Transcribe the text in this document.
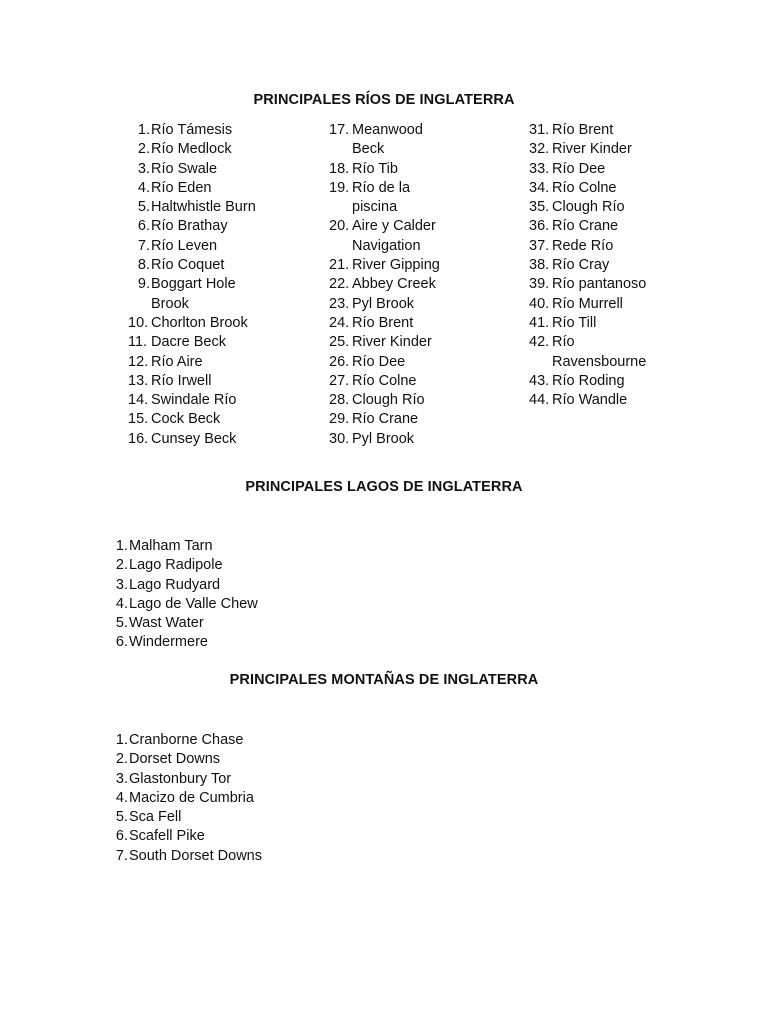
PRINCIPALES RÍOS DE INGLATERRA
1. Río Támesis
2. Río Medlock
3. Río Swale
4. Río Eden
5. Haltwhistle Burn
6. Río Brathay
7. Río Leven
8. Río Coquet
9. Boggart Hole Brook
10. Chorlton Brook
11. Dacre Beck
12. Río Aire
13. Río Irwell
14. Swindale Río
15. Cock Beck
16. Cunsey Beck
17. Meanwood Beck
18. Río Tib
19. Río de la piscina
20. Aire y Calder Navigation
21. River Gipping
22. Abbey Creek
23. Pyl Brook
24. Río Brent
25. River Kinder
26. Río Dee
27. Río Colne
28. Clough Río
29. Río Crane
30. Pyl Brook
31. Río Brent
32. River Kinder
33. Río Dee
34. Río Colne
35. Clough Río
36. Río Crane
37. Rede Río
38. Río Cray
39. Río pantanoso
40. Río Murrell
41. Río Till
42. Río Ravensbourne
43. Río Roding
44. Río Wandle
PRINCIPALES LAGOS DE INGLATERRA
1. Malham Tarn
2. Lago Radipole
3. Lago Rudyard
4. Lago de Valle Chew
5. Wast Water
6. Windermere
PRINCIPALES MONTAÑAS DE INGLATERRA
1. Cranborne Chase
2. Dorset Downs
3. Glastonbury Tor
4. Macizo de Cumbria
5. Sca Fell
6. Scafell Pike
7. South Dorset Downs
